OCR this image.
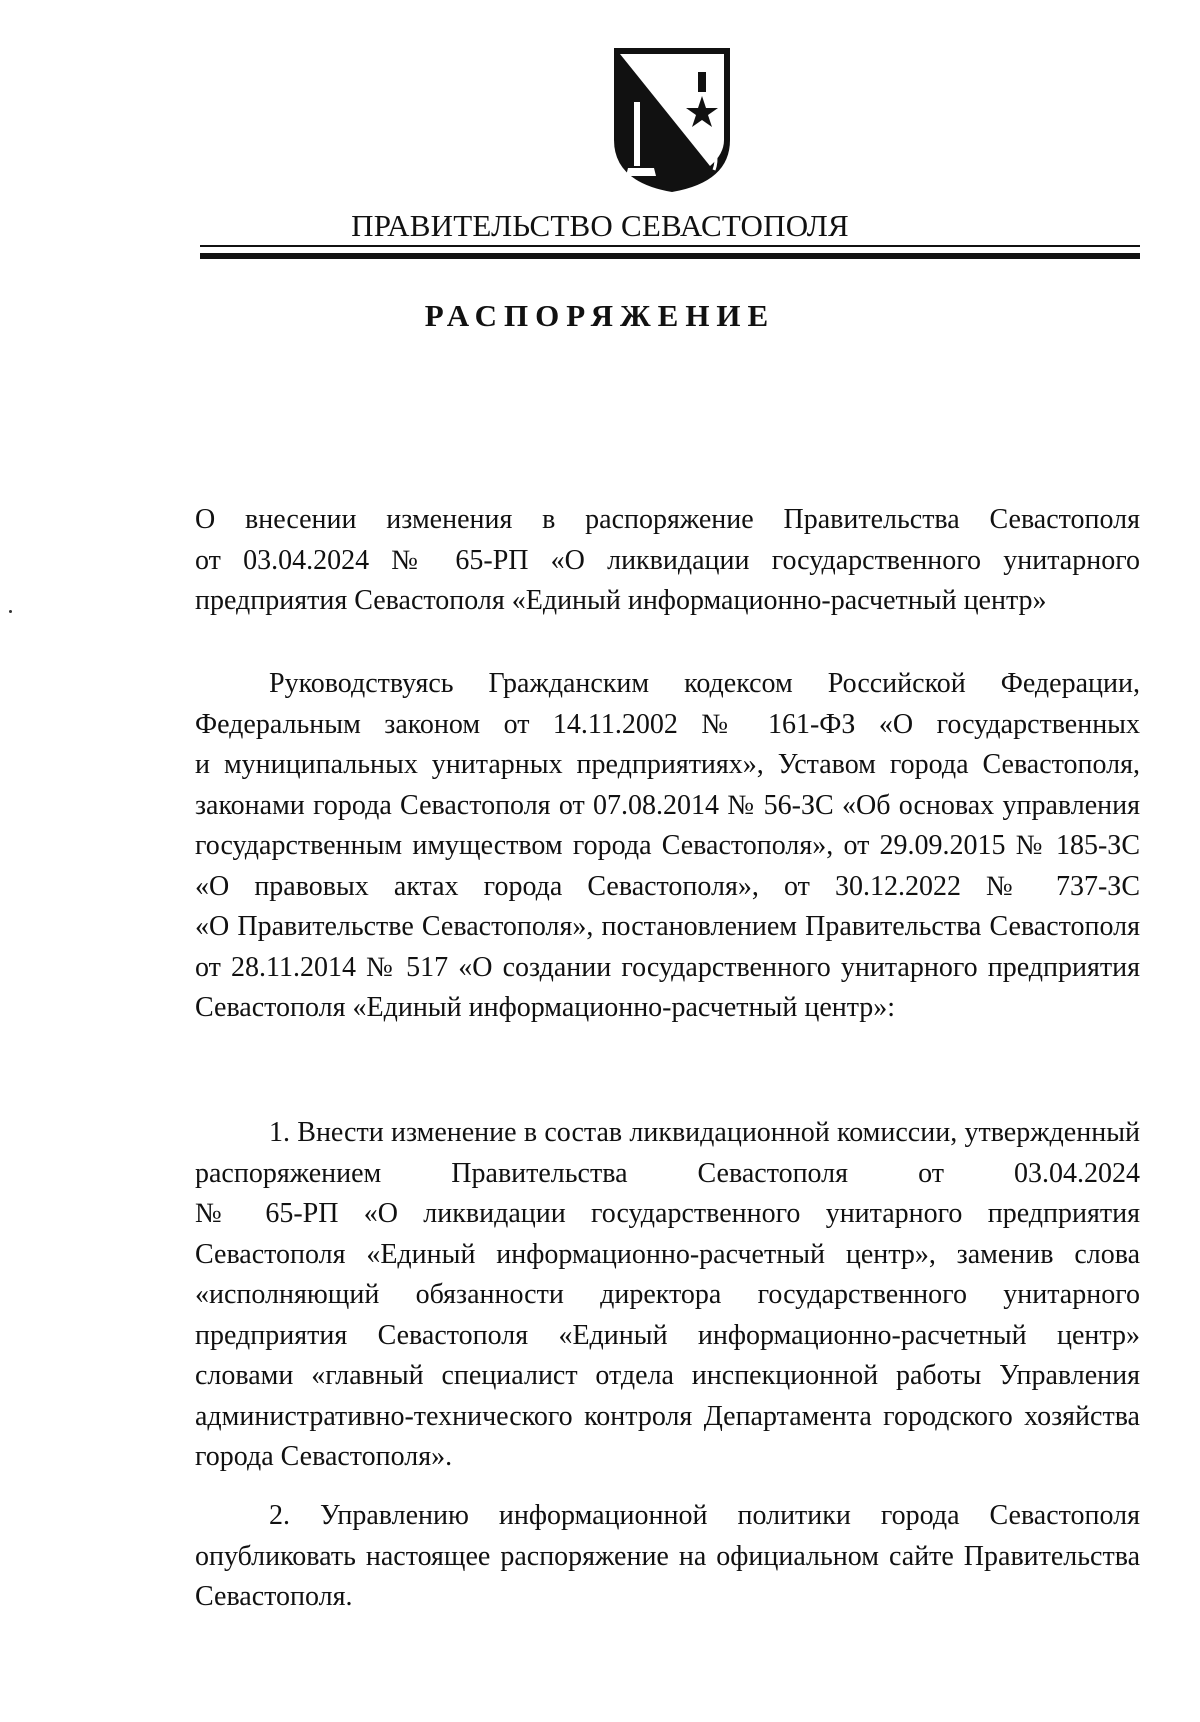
ПРАВИТЕЛЬСТВО СЕВАСТОПОЛЯ
РАСПОРЯЖЕНИЕ

О внесении изменения в распоряжение Правительства Севастополя

от 03.04.2024 № 65-РП «О ликвидации государственного унитарного

предприятия Севастополя «Единый информационно-расчетный центр»

Руководствуясь Гражданским кодексом Российской Федерации,

Федеральным законом от 14.11.2002 № 161-ФЗ «О государственных

и муниципальных унитарных предприятиях», Уставом города Севастополя,

законами города Севастополя от 07.08.2014 № 56-ЗС «Об основах управления

государственным имуществом города Севастополя», от 29.09.2015 № 185-ЗС

«О правовых актах города Севастополя», от 30.12.2022 № 737-ЗС

«О Правительстве Севастополя», постановлением Правительства Севастополя

от 28.11.2014 № 517 «О создании государственного унитарного предприятия

Севастополя «Единый информационно-расчетный центр»:

1. Внести изменение в состав ликвидационной комиссии, утвержденный

распоряжением Правительства Севастополя от 03.04.2024

№ 65-РП «О ликвидации государственного унитарного предприятия

Севастополя «Единый информационно-расчетный центр», заменив слова

«исполняющий обязанности директора государственного унитарного

предприятия Севастополя «Единый информационно-расчетный центр»

словами «главный специалист отдела инспекционной работы Управления

административно-технического контроля Департамента городского хозяйства

города Севастополя».

2. Управлению информационной политики города Севастополя

опубликовать настоящее распоряжение на официальном сайте Правительства

Севастополя.
